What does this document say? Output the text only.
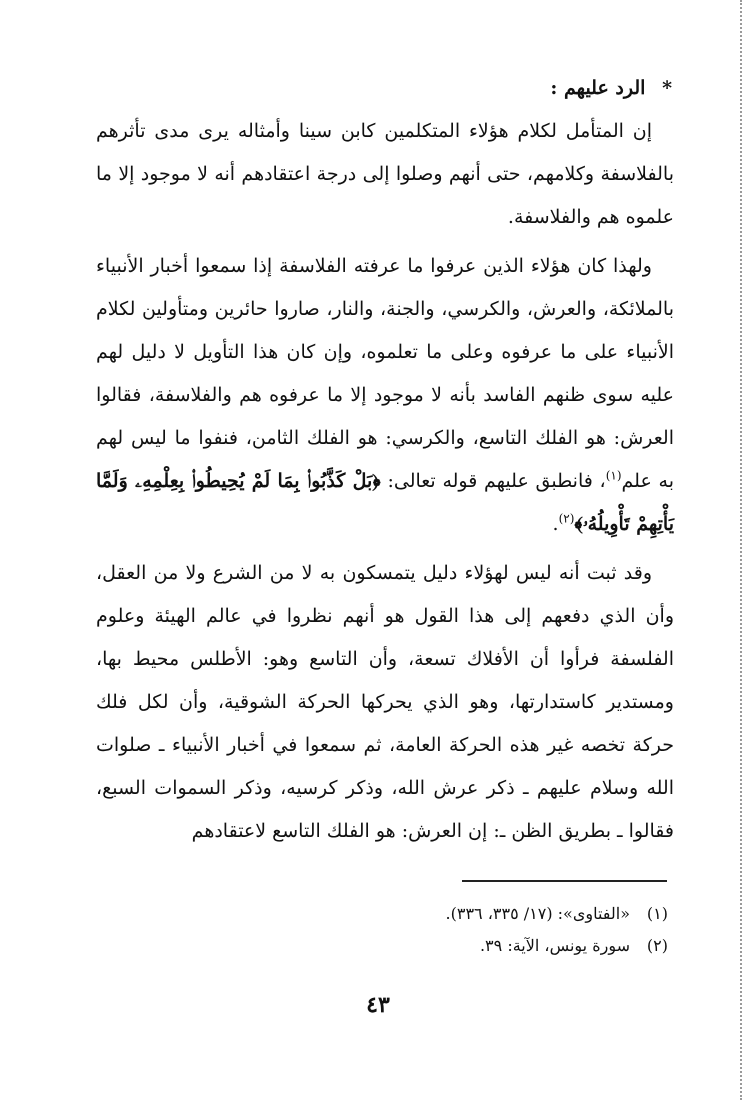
* الرد عليهم :
إن المتأمل لكلام هؤلاء المتكلمين كابن سينا وأمثاله يرى مدى تأثرهم بالفلاسفة وكلامهم، حتى أنهم وصلوا إلى درجة اعتقادهم أنه لا موجود إلا ما علموه هم والفلاسفة.
ولهذا كان هؤلاء الذين عرفوا ما عرفته الفلاسفة إذا سمعوا أخبار الأنبياء بالملائكة، والعرش، والكرسي، والجنة، والنار، صاروا حائرين ومتأولين لكلام الأنبياء على ما عرفوه وعلى ما تعلموه، وإن كان هذا التأويل لا دليل لهم عليه سوى ظنهم الفاسد بأنه لا موجود إلا ما عرفوه هم والفلاسفة، فقالوا العرش: هو الفلك التاسع، والكرسي: هو الفلك الثامن، فنفوا ما ليس لهم به علم$^{(١)}$، فانطبق عليهم قوله تعالى: ﴿بَلْ كَذَّبُوا۟ بِمَا لَمْ يُحِيطُوا۟ بِعِلْمِهِۦ وَلَمَّا يَأْتِهِمْ تَأْوِيلُهُۥ﴾$^{(٢)}$.
وقد ثبت أنه ليس لهؤلاء دليل يتمسكون به لا من الشرع ولا من العقل، وأن الذي دفعهم إلى هذا القول هو أنهم نظروا في عالم الهيئة وعلوم الفلسفة فرأوا أن الأفلاك تسعة، وأن التاسع وهو: الأطلس محيط بها، ومستدير كاستدارتها، وهو الذي يحركها الحركة الشوقية، وأن لكل فلك حركة تخصه غير هذه الحركة العامة، ثم سمعوا في أخبار الأنبياء ـ صلوات الله وسلام عليهم ـ ذكر عرش الله، وذكر كرسيه، وذكر السموات السبع، فقالوا ـ بطريق الظن ـ: إن العرش: هو الفلك التاسع لاعتقادهم
(١)«الفتاوى»: (١٧/ ٣٣٥، ٣٣٦).
(٢)سورة يونس، الآية: ٣٩.
٤٣
